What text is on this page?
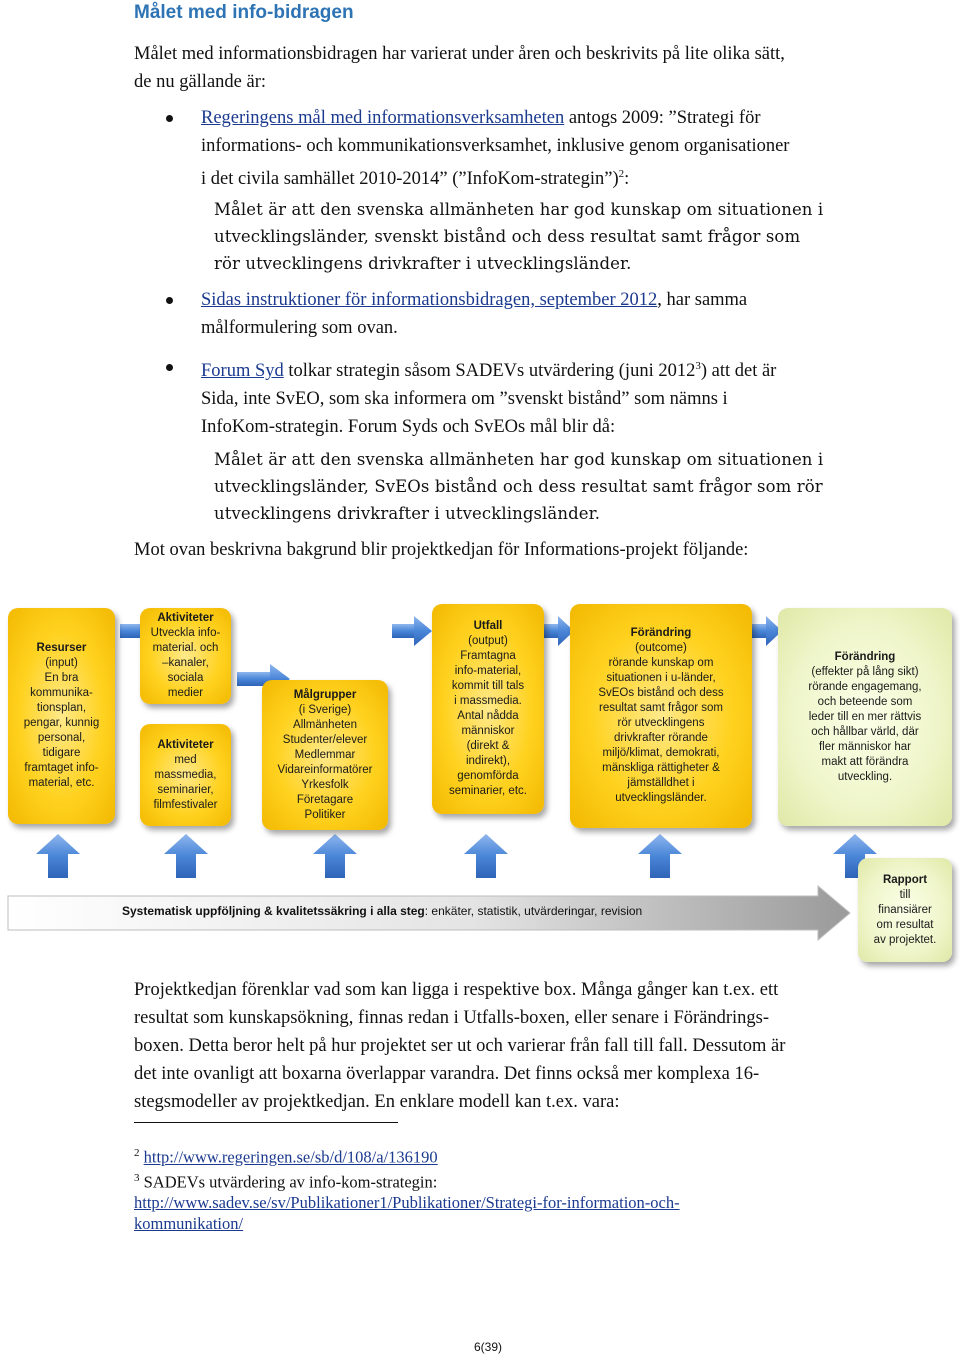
Målet med info-bidragen
Målet med informationsbidragen har varierat under åren och beskrivits på lite olika sätt,
de nu gällande är:
Regeringens mål med informationsverksamheten antogs 2009: ”Strategi för
informations- och kommunikationsverksamhet, inklusive genom organisationer
i det civila samhället 2010-2014” (”InfoKom-strategin”)$^2$:
Målet är att den svenska allmänheten har god kunskap om situationen i
utvecklingsländer, svenskt bistånd och dess resultat samt frågor som
rör utvecklingens drivkrafter i utvecklingsländer.
Sidas instruktioner för informationsbidragen, september 2012, har samma
målformulering som ovan.
Forum Syd tolkar strategin såsom SADEVs utvärdering (juni 2012$^3$) att det är
Sida, inte SvEO, som ska informera om ”svenskt bistånd” som nämns i
InfoKom-strategin. Forum Syds och SvEOs mål blir då:
Målet är att den svenska allmänheten har god kunskap om situationen i
utvecklingsländer, SvEOs bistånd och dess resultat samt frågor som rör
utvecklingens drivkrafter i utvecklingsländer.
Mot ovan beskrivna bakgrund blir projektkedjan för Informations-projekt följande:
Resurser
(input)
En bra
kommunika-
tionsplan,
pengar, kunnig
personal,
tidigare
framtaget info-
material, etc.
Aktiviteter
Utveckla info-
material. och
–kanaler,
sociala
medier
Aktiviteter
med
massmedia,
seminarier,
filmfestivaler
Målgrupper
(i Sverige)
Allmänheten
Studenter/elever
Medlemmar
Vidareinformatörer
Yrkesfolk
Företagare
Politiker
Utfall
(output)
Framtagna
info-material,
kommit till tals
i massmedia.
Antal nådda
människor
(direkt &
indirekt),
genomförda
seminarier, etc.
Förändring
(outcome)
rörande kunskap om
situationen i u-länder,
SvEOs bistånd och dess
resultat samt frågor som
rör utvecklingens
drivkrafter rörande
miljö/klimat, demokrati,
mänskliga rättigheter &
jämställdhet i
utvecklingsländer.
Förändring
(effekter på lång sikt)
rörande engagemang,
och beteende som
leder till en mer rättvis
och hållbar värld, där
fler människor har
makt att förändra
utveckling.
Systematisk uppföljning & kvalitetssäkring i alla steg: enkäter, statistik, utvärderingar, revision
Rapport
till
finansiärer
om resultat
av projektet.
Projektkedjan förenklar vad som kan ligga i respektive box. Många gånger kan t.ex. ett
resultat som kunskapsökning, finnas redan i Utfalls-boxen, eller senare i Förändrings-
boxen. Detta beror helt på hur projektet ser ut och varierar från fall till fall. Dessutom är
det inte ovanligt att boxarna överlappar varandra. Det finns också mer komplexa 16-
stegsmodeller av projektkedjan. En enklare modell kan t.ex. vara:
$^2$ http://www.regeringen.se/sb/d/108/a/136190
$^3$ SADEVs utvärdering av info-kom-strategin:
http://www.sadev.se/sv/Publikationer1/Publikationer/Strategi-for-information-och-
kommunikation/
6(39)
